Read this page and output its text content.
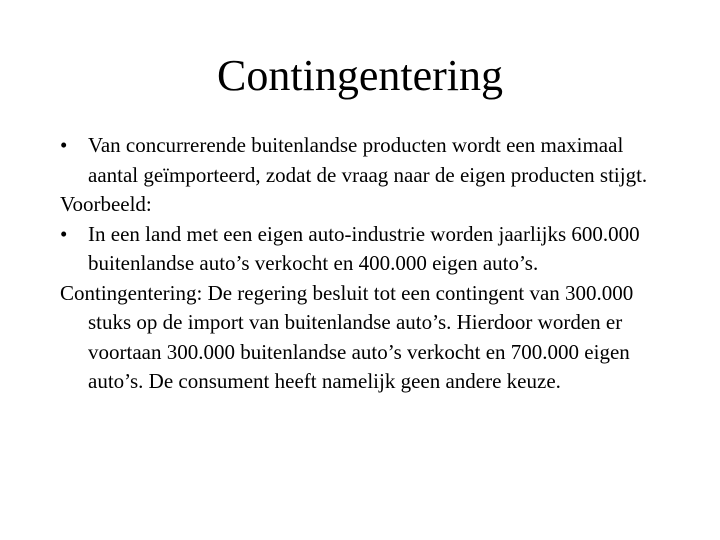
Contingentering

• Van concurrerende buitenlandse producten wordt een maximaal aantal geïmporteerd, zodat de vraag naar de eigen producten stijgt.

Voorbeeld:

• In een land met een eigen auto-industrie worden jaarlijks 600.000 buitenlandse auto’s verkocht en 400.000 eigen auto’s.

Contingentering: De regering besluit tot een contingent van 300.000 stuks op de import van buitenlandse auto’s. Hierdoor worden er voortaan 300.000 buitenlandse auto’s verkocht en 700.000 eigen auto’s. De consument heeft namelijk geen andere keuze.
